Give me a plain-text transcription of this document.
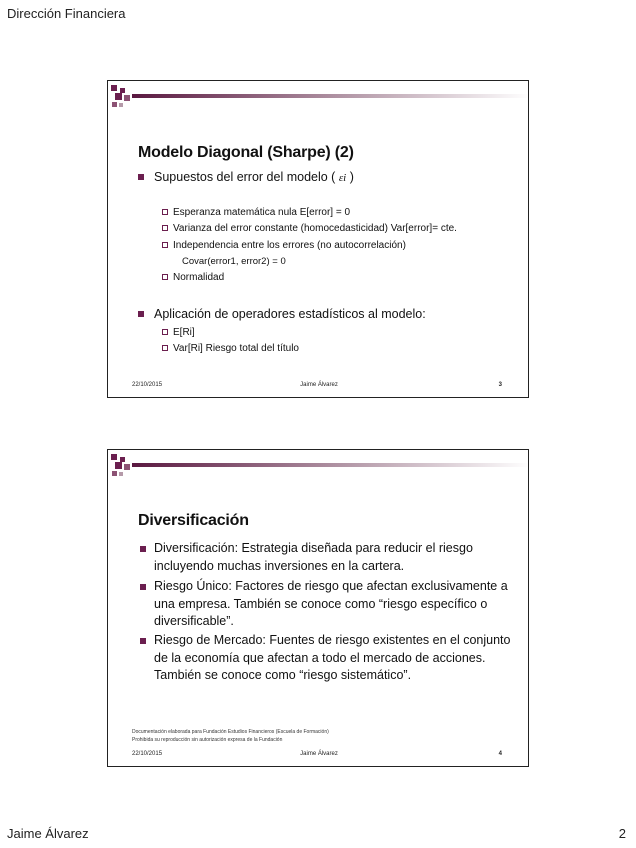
Dirección Financiera
Modelo Diagonal (Sharpe) (2)
Supuestos del error del modelo ( εi )
Esperanza matemática nula E[error] = 0
Varianza del error constante (homocedasticidad) Var[error]= cte.
Independencia entre los errores (no autocorrelación)
Covar(error1, error2) = 0
Normalidad
Aplicación de operadores estadísticos al modelo:
E[Ri]
Var[Ri] Riesgo total del título
22/10/2015	Jaime Álvarez	3
Diversificación
Diversificación: Estrategia diseñada para reducir el riesgo incluyendo muchas inversiones en la cartera.
Riesgo Único: Factores de riesgo que afectan exclusivamente a una empresa. También se conoce como “riesgo específico o diversificable”.
Riesgo de Mercado: Fuentes de riesgo existentes en el conjunto de la economía que afectan a todo el mercado de acciones. También se conoce como “riesgo sistemático”.
Documentación elaborada para Fundación Estudios Financieros (Escuela de Formación)
Prohibida su reproducción sin autorización expresa de la Fundación
22/10/2015	Jaime Álvarez	4
Jaime Álvarez	2
